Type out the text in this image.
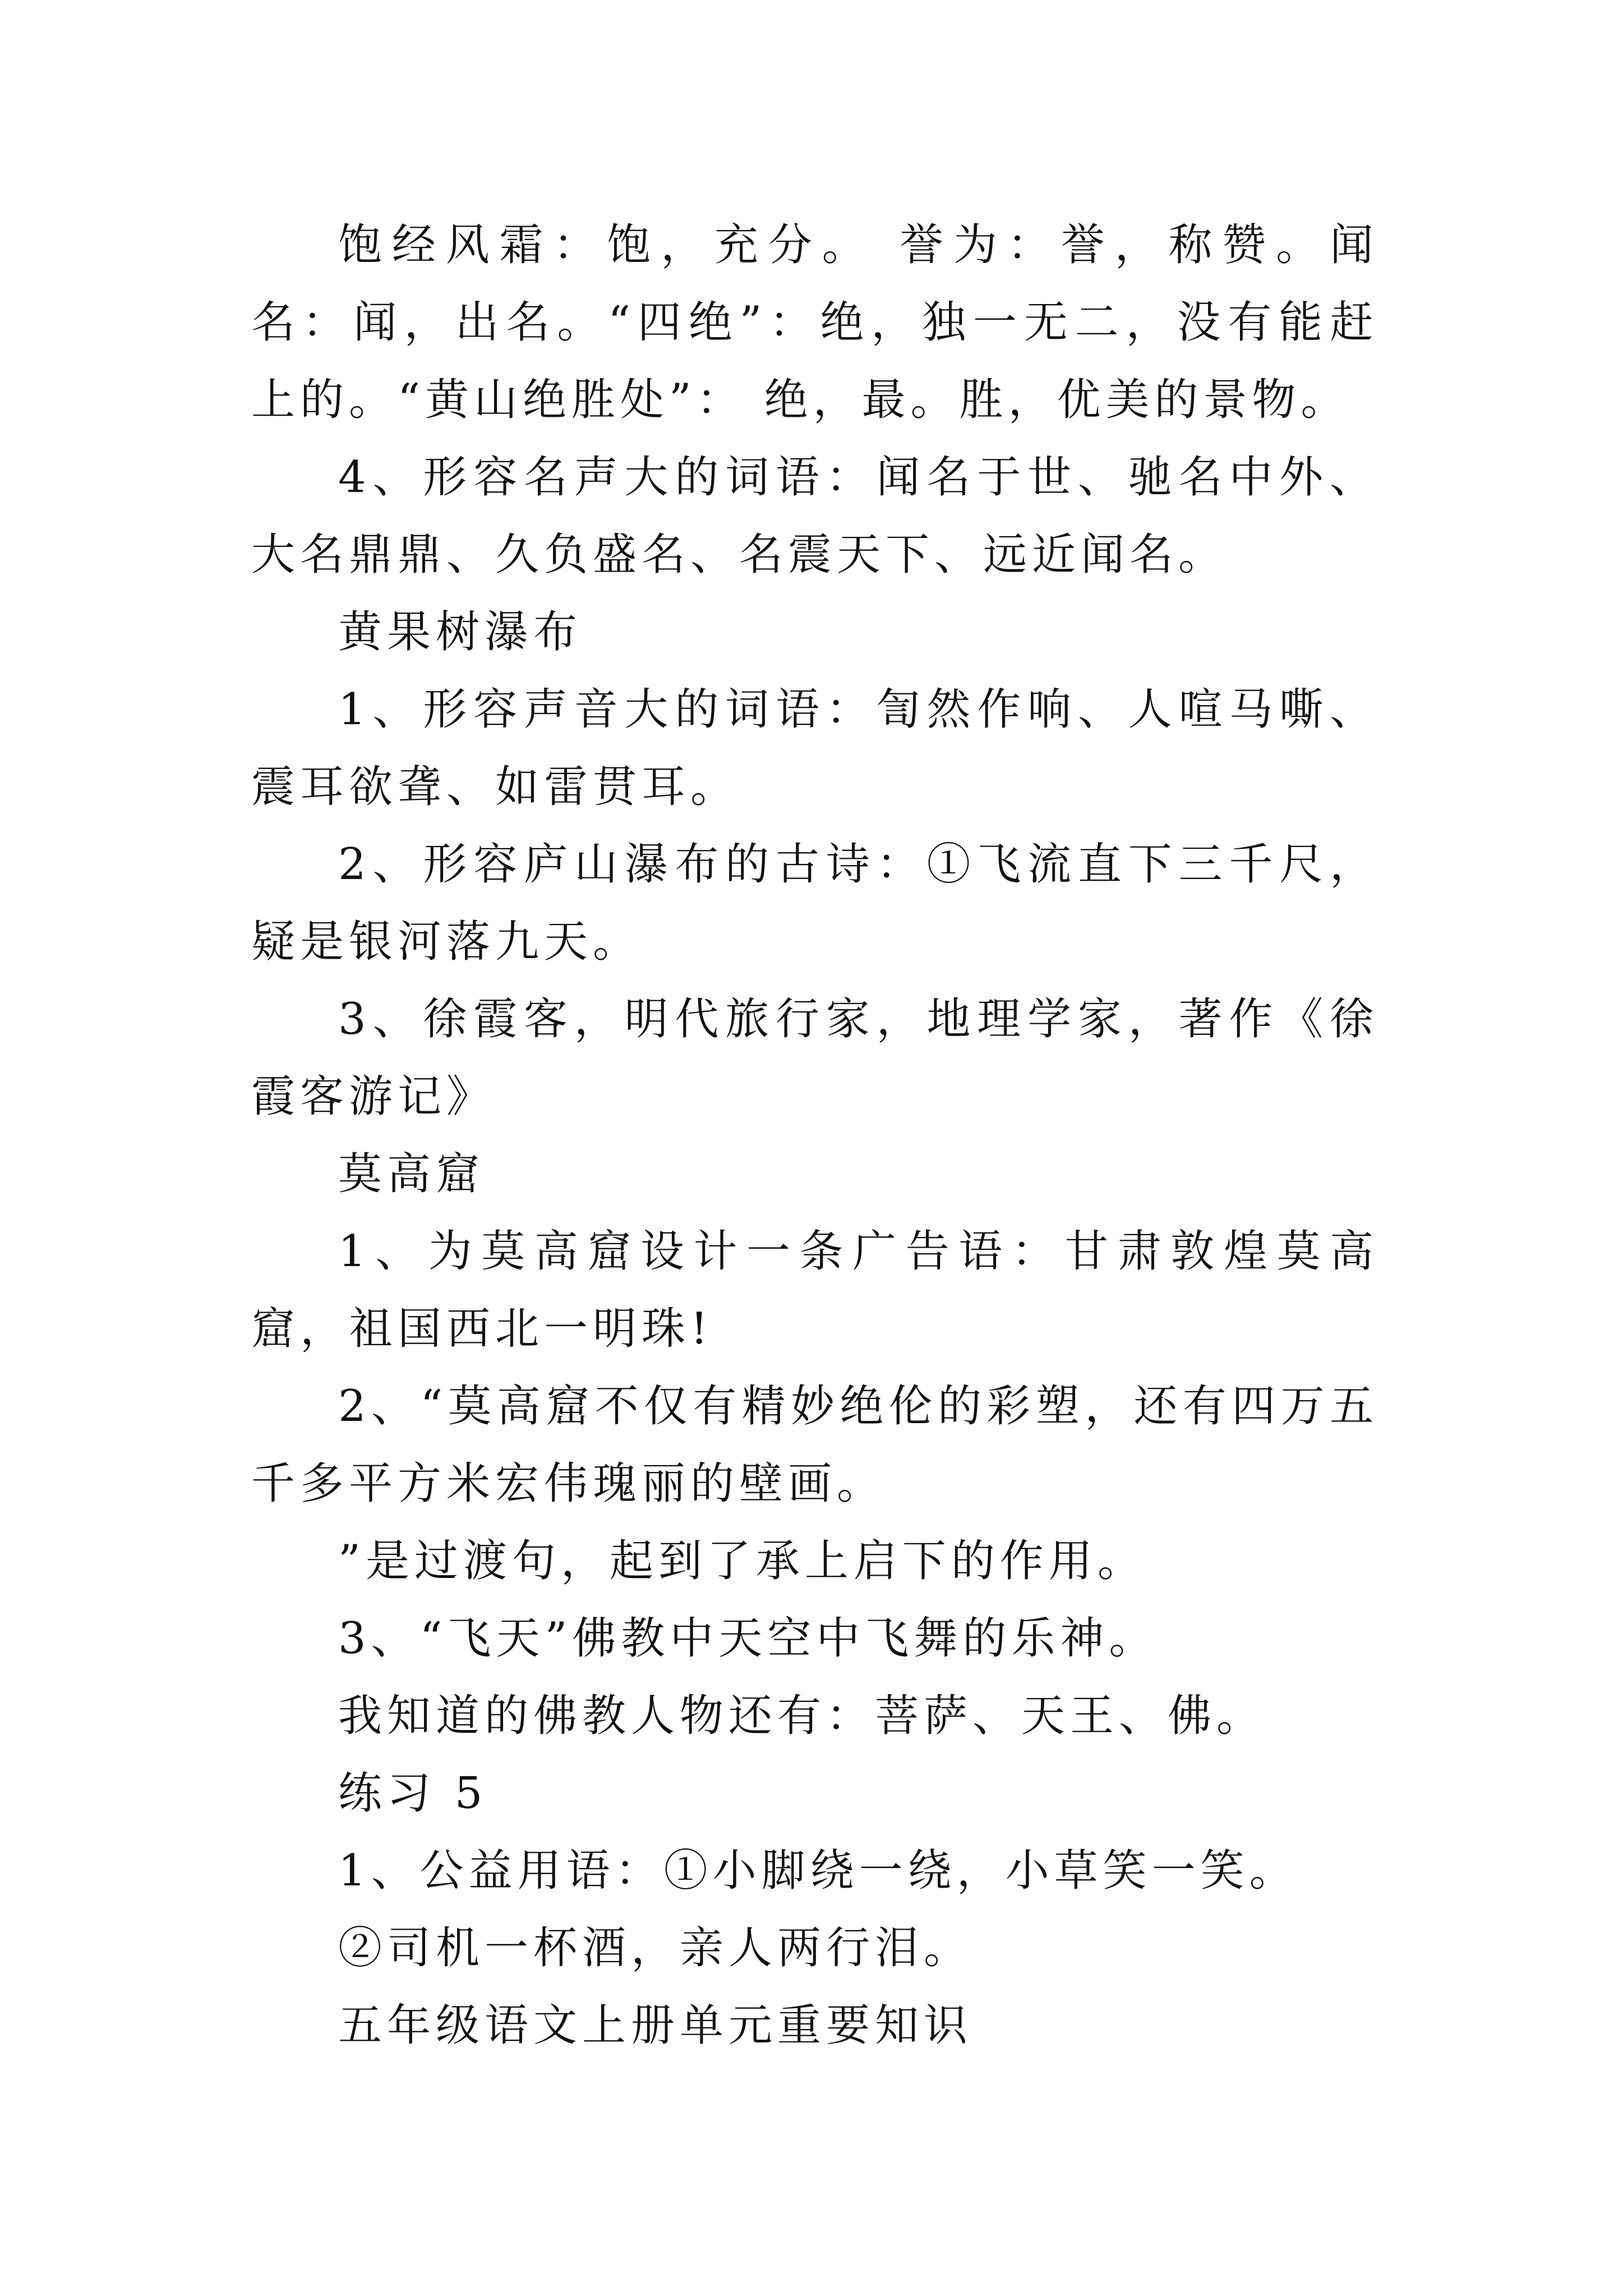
饱经风霜：饱，充分。 誉为：誉，称赞。闻名：闻，出名。“四绝”：绝，独一无二，没有能赶上的。“黄山绝胜处”： 绝，最。胜，优美的景物。

4、形容名声大的词语：闻名于世、驰名中外、大名鼎鼎、久负盛名、名震天下、远近闻名。

黄果树瀑布

1、形容声音大的词语：訇然作响、人喧马嘶、震耳欲聋、如雷贯耳。

2、形容庐山瀑布的古诗：①飞流直下三千尺，疑是银河落九天。

3、徐霞客，明代旅行家，地理学家，著作《徐霞客游记》

莫高窟

1、为莫高窟设计一条广告语：甘肃敦煌莫高窟，祖国西北一明珠!

2、“莫高窟不仅有精妙绝伦的彩塑，还有四万五千多平方米宏伟瑰丽的壁画。

”是过渡句，起到了承上启下的作用。

3、“飞天”佛教中天空中飞舞的乐神。

我知道的佛教人物还有：菩萨、天王、佛。

练习 5

1、公益用语：①小脚绕一绕，小草笑一笑。

②司机一杯酒，亲人两行泪。

五年级语文上册单元重要知识
